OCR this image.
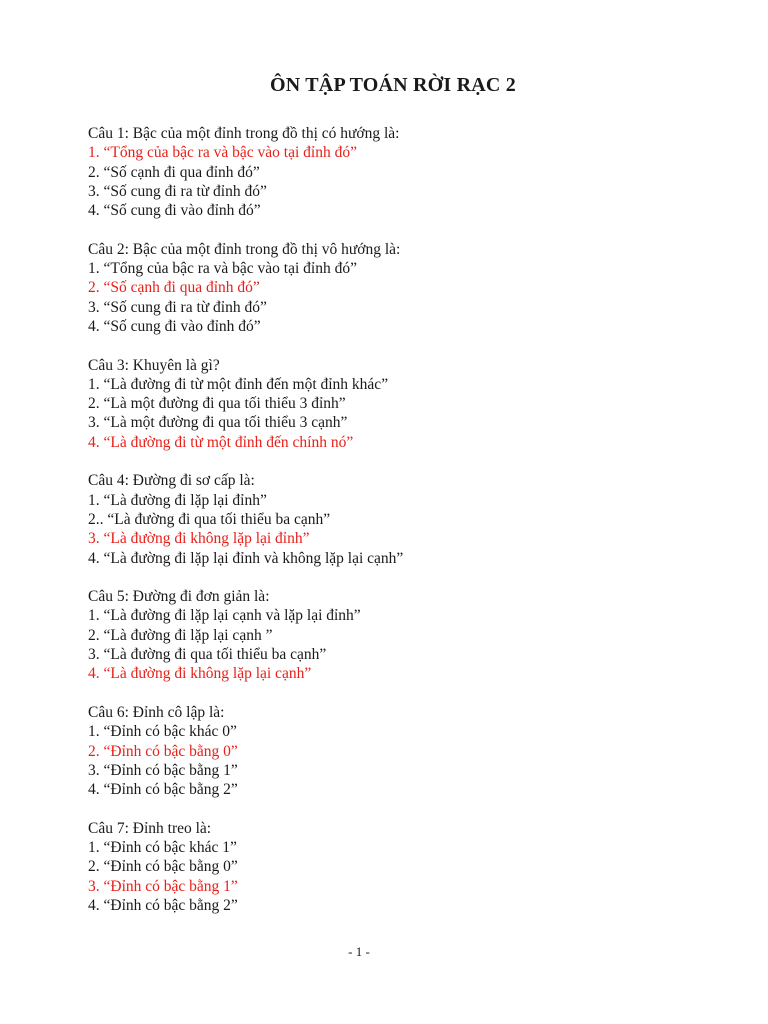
ÔN TẬP TOÁN RỜI RẠC 2
Câu 1: Bậc của một đỉnh trong đồ thị có hướng là:
1. “Tổng của bậc ra và bậc vào tại đỉnh đó”
2. “Số cạnh đi qua đỉnh đó”
3. “Số cung đi ra từ đỉnh đó”
4. “Số cung đi vào đỉnh đó”
Câu 2: Bậc của một đỉnh trong đồ thị vô hướng là:
1. “Tổng của bậc ra và bậc vào tại đỉnh đó”
2. “Số cạnh đi qua đỉnh đó”
3. “Số cung đi ra từ đỉnh đó”
4. “Số cung đi vào đỉnh đó”
Câu 3: Khuyên là gì?
1. “Là đường đi từ một đỉnh đến một đỉnh khác”
2. “Là một đường đi qua tối thiểu 3 đỉnh”
3. “Là một đường đi qua tối thiểu 3 cạnh”
4. “Là đường đi từ một đỉnh đến chính nó”
Câu 4: Đường đi sơ cấp là:
1. “Là đường đi lặp lại đỉnh”
2.. “Là đường đi qua tối thiểu ba cạnh”
3. “Là đường đi không lặp lại đỉnh”
4. “Là đường đi lặp lại đỉnh và không lặp lại cạnh”
Câu 5: Đường đi đơn giản là:
1. “Là đường đi lặp lại cạnh và lặp lại đỉnh”
2. “Là đường đi lặp lại cạnh ”
3. “Là đường đi qua tối thiểu ba cạnh”
4. “Là đường đi không lặp lại cạnh”
Câu 6: Đỉnh cô lập là:
1. “Đỉnh có bậc khác 0”
2. “Đỉnh có bậc bằng 0”
3. “Đỉnh có bậc bằng 1”
4. “Đỉnh có bậc bằng 2”
Câu 7: Đỉnh treo là:
1. “Đỉnh có bậc khác 1”
2. “Đỉnh có bậc bằng 0”
3. “Đỉnh có bậc bằng 1”
4. “Đỉnh có bậc bằng 2”
- 1 -
